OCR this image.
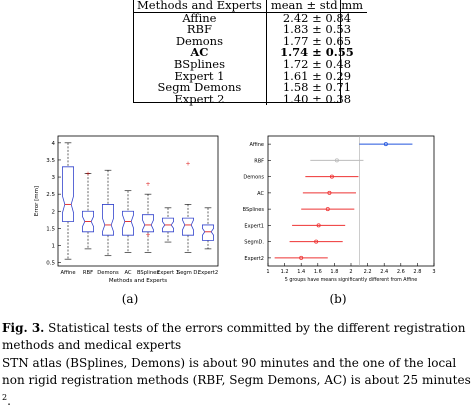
Methods and Experts	mean ± std mm
Affine	2.42 ± 0.84
RBF	1.83 ± 0.53
Demons	1.77 ± 0.65
AC	1.74 ± 0.55
BSplines	1.72 ± 0.48
Expert 1	1.61 ± 0.29
Segm Demons	1.58 ± 0.71
Expert 2	1.40 ± 0.38
0.5
1
1.5
2
2.5
3
3.5
4
Error [mm]
Methods and Experts
Affine RBF
+
Demons AC BSplines
+
+
Expert 1
Segm D.
+
Expert2
(a)
1 1.2 1.4 1.6 1.8 2 2.2 2.4 2.6 2.8 3
5 groups have means significantly different from Affine
Affine
RBF
Demons
AC
BSplines
Expert1
SegmD.
Expert2
(b)
Fig. 3. Statistical tests of the errors committed by the different registration methods and medical experts
STN atlas (BSplines, Demons) is about 90 minutes and the one of the local non rigid registration methods (RBF, Segm Demons, AC) is about 25 minutes $^2$.
